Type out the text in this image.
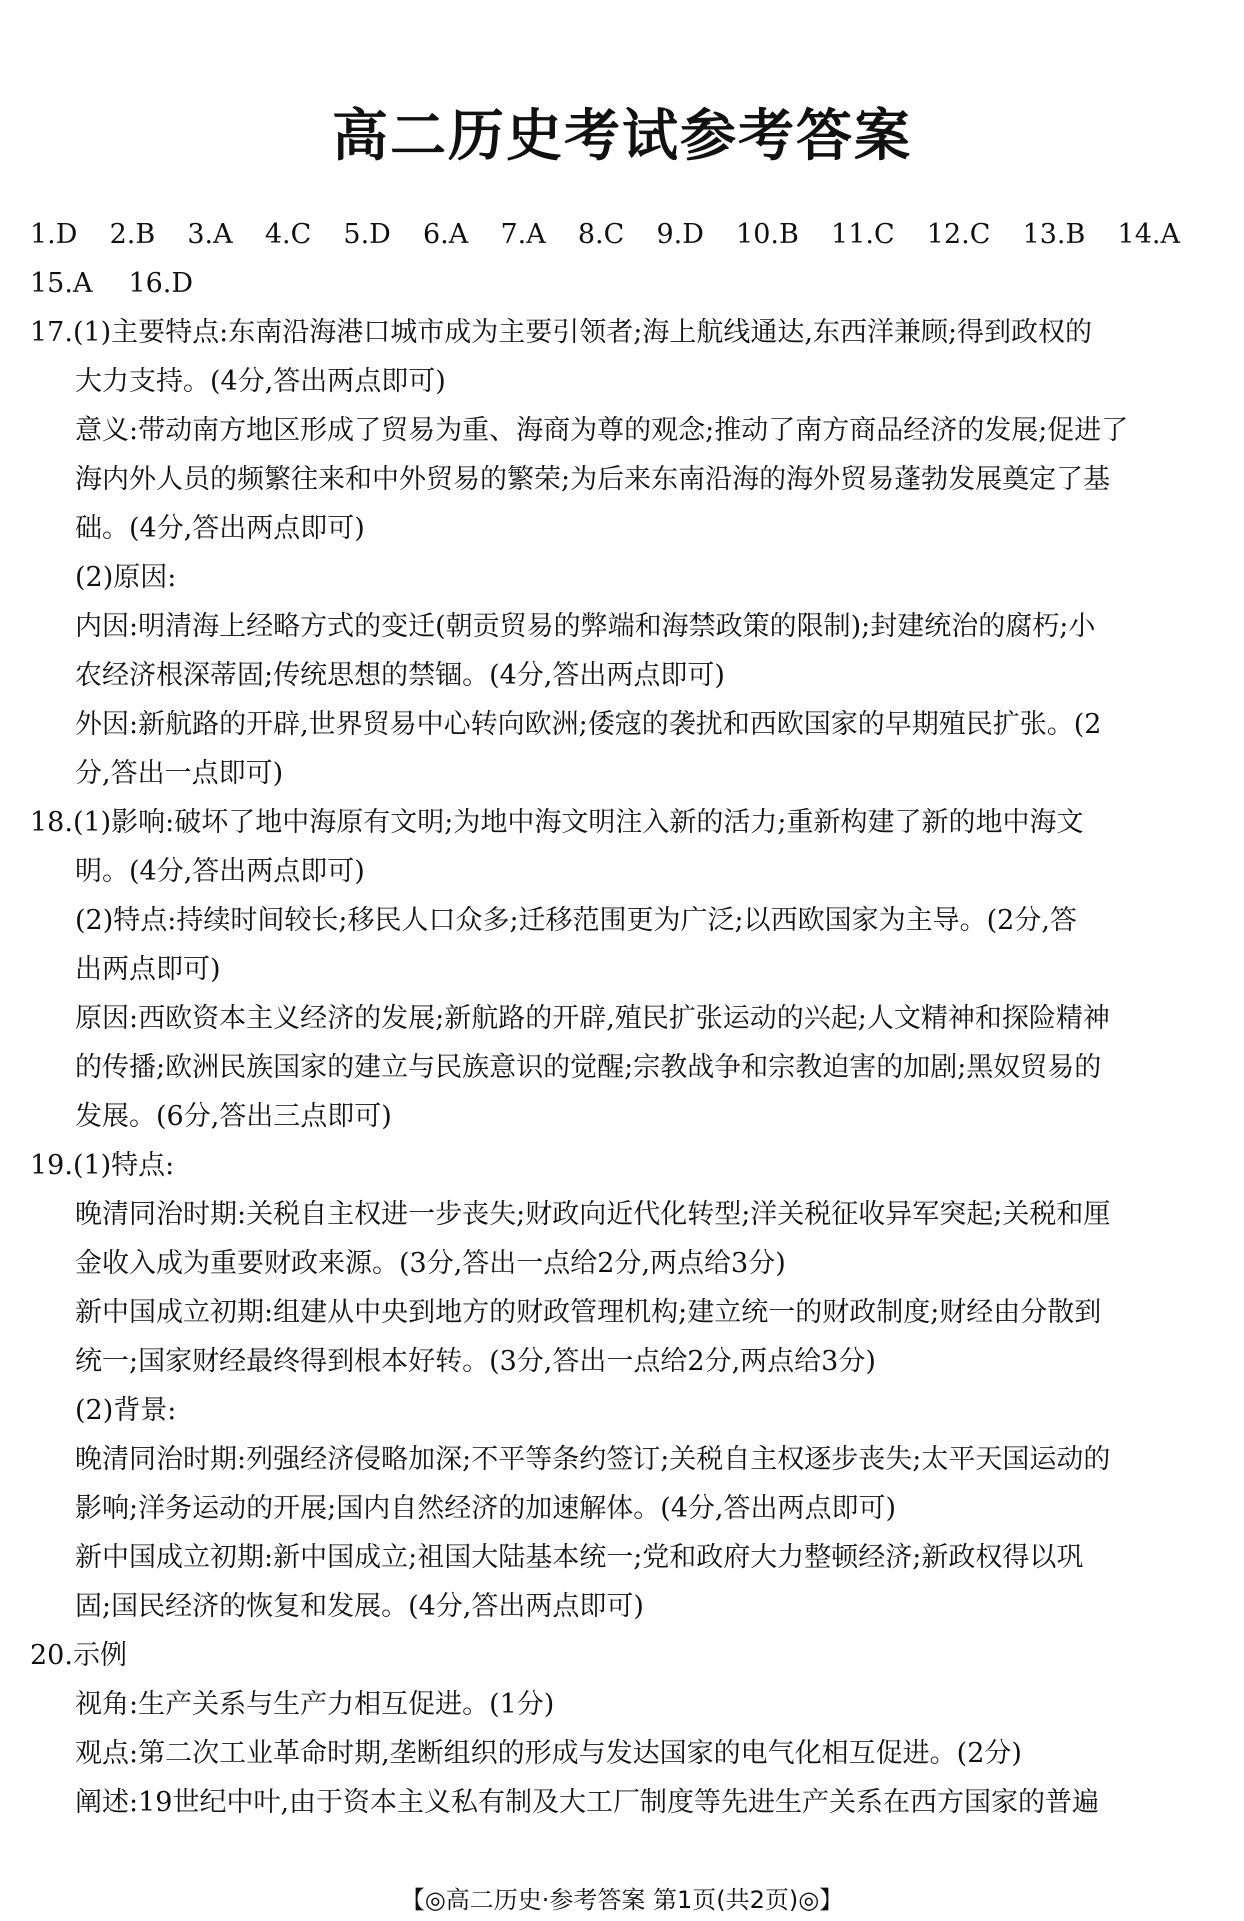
高二历史考试参考答案
1.D 2.B 3.A 4.C 5.D 6.A 7.A 8.C 9.D 10.B 11.C 12.C 13.B 14.A
15.A 16.D
17.(1)主要特点:东南沿海港口城市成为主要引领者;海上航线通达,东西洋兼顾;得到政权的
大力支持。(4分,答出两点即可)
意义:带动南方地区形成了贸易为重、海商为尊的观念;推动了南方商品经济的发展;促进了
海内外人员的频繁往来和中外贸易的繁荣;为后来东南沿海的海外贸易蓬勃发展奠定了基
础。(4分,答出两点即可)
(2)原因:
内因:明清海上经略方式的变迁(朝贡贸易的弊端和海禁政策的限制);封建统治的腐朽;小
农经济根深蒂固;传统思想的禁锢。(4分,答出两点即可)
外因:新航路的开辟,世界贸易中心转向欧洲;倭寇的袭扰和西欧国家的早期殖民扩张。(2
分,答出一点即可)
18.(1)影响:破坏了地中海原有文明;为地中海文明注入新的活力;重新构建了新的地中海文
明。(4分,答出两点即可)
(2)特点:持续时间较长;移民人口众多;迁移范围更为广泛;以西欧国家为主导。(2分,答
出两点即可)
原因:西欧资本主义经济的发展;新航路的开辟,殖民扩张运动的兴起;人文精神和探险精神
的传播;欧洲民族国家的建立与民族意识的觉醒;宗教战争和宗教迫害的加剧;黑奴贸易的
发展。(6分,答出三点即可)
19.(1)特点:
晚清同治时期:关税自主权进一步丧失;财政向近代化转型;洋关税征收异军突起;关税和厘
金收入成为重要财政来源。(3分,答出一点给2分,两点给3分)
新中国成立初期:组建从中央到地方的财政管理机构;建立统一的财政制度;财经由分散到
统一;国家财经最终得到根本好转。(3分,答出一点给2分,两点给3分)
(2)背景:
晚清同治时期:列强经济侵略加深;不平等条约签订;关税自主权逐步丧失;太平天国运动的
影响;洋务运动的开展;国内自然经济的加速解体。(4分,答出两点即可)
新中国成立初期:新中国成立;祖国大陆基本统一;党和政府大力整顿经济;新政权得以巩
固;国民经济的恢复和发展。(4分,答出两点即可)
20.示例
视角:生产关系与生产力相互促进。(1分)
观点:第二次工业革命时期,垄断组织的形成与发达国家的电气化相互促进。(2分)
阐述:19世纪中叶,由于资本主义私有制及大工厂制度等先进生产关系在西方国家的普遍
【◎高二历史·参考答案 第1页(共2页)◎】
